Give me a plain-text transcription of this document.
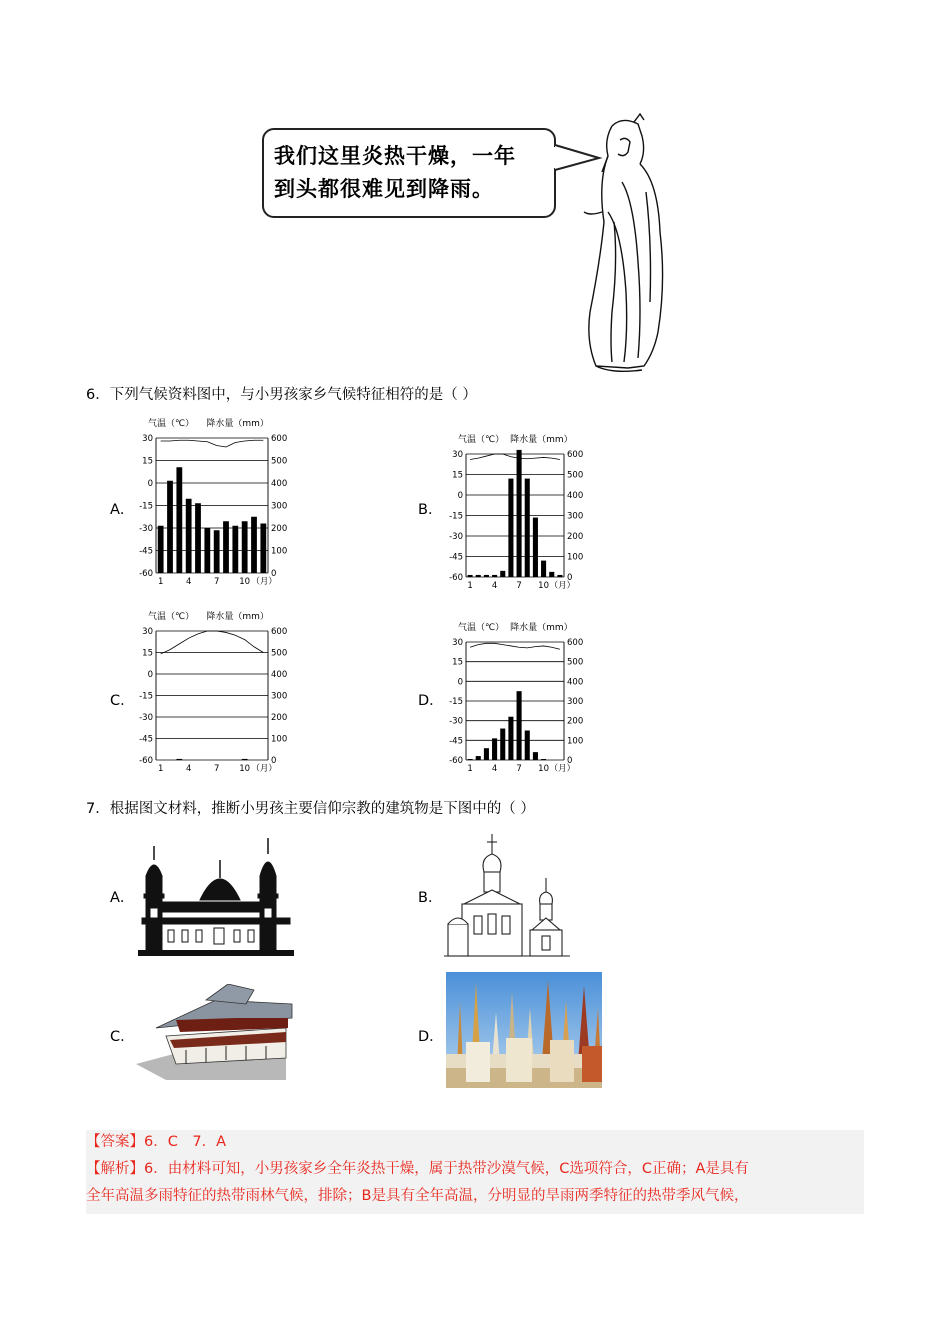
我们这里炎热干燥，一年
到头都很难见到降雨。
6．下列气候资料图中，与小男孩家乡气候特征相符的是（ ）
A．	B．
C．	D．
气温（℃） 降水量（mm）
30	600
15	500
0	400
-15	300
-30	200
-45	100
-60	0
1	4	7 10 （月）
气温（℃） 降水量（mm）
30	600
15	500
0	400
-15	300
-30	200
-45	100
-60	0
1 4 7 10 （月）
气温（℃） 降水量（mm）
30	600
15	500
0	400
-15	300
-30	200
-45	100
-60	0
1	4	7 10 （月）
气温（℃） 降水量（mm）
30	600
15	500
0	400
-15	300
-30	200
-45	100
-60	0
1 4 7 10 （月）
7．根据图文材料，推断小男孩主要信仰宗教的建筑物是下图中的（ ）
A．	B．
C．	D．
【答案】6．C　7．A
【解析】6．由材料可知，小男孩家乡全年炎热干燥，属于热带沙漠气候，C选项符合，C正确；A是具有
全年高温多雨特征的热带雨林气候，排除；B是具有全年高温，分明显的旱雨两季特征的热带季风气候，
